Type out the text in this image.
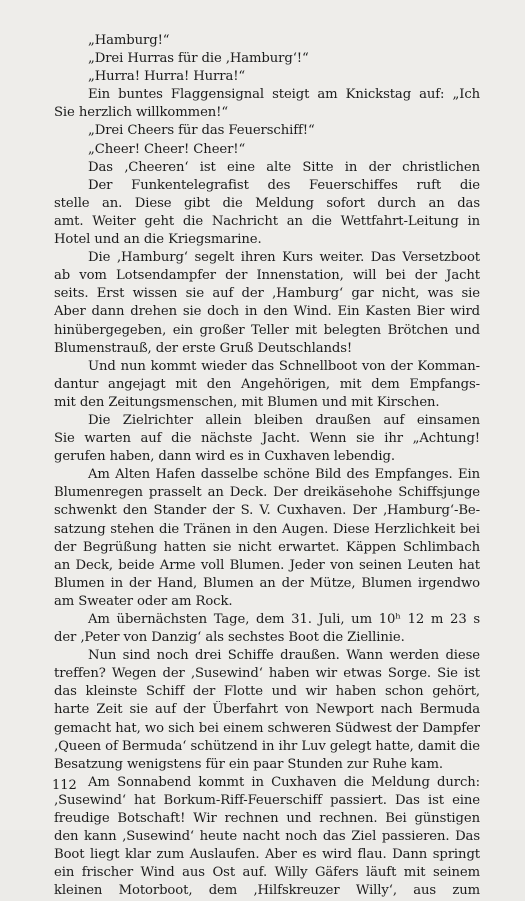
„Hamburg!“
„Drei Hurras für die ‚Hamburg‘!“
„Hurra! Hurra! Hurra!“
Ein buntes Flaggensignal steigt am Knickstag auf: „Ich
Sie herzlich willkommen!“
„Drei Cheers für das Feuerschiff!“
„Cheer! Cheer! Cheer!“
Das ‚Cheeren‘ ist eine alte Sitte in der christlichen
Der Funkentelegrafist des Feuerschiffes ruft die
stelle an. Diese gibt die Meldung sofort durch an das
amt. Weiter geht die Nachricht an die Wettfahrt-Leitung in
Hotel und an die Kriegsmarine.
Die ‚Hamburg‘ segelt ihren Kurs weiter. Das Versetzboot
ab vom Lotsendampfer der Innenstation, will bei der Jacht
seits. Erst wissen sie auf der ‚Hamburg‘ gar nicht, was sie
Aber dann drehen sie doch in den Wind. Ein Kasten Bier wird
hinübergegeben, ein großer Teller mit belegten Brötchen und
Blumenstrauß, der erste Gruß Deutschlands!
Und nun kommt wieder das Schnellboot von der Komman-
dantur angejagt mit den Angehörigen, mit dem Empfangs-
mit den Zeitungsmenschen, mit Blumen und mit Kirschen.
Die Zielrichter allein bleiben draußen auf einsamen
Sie warten auf die nächste Jacht. Wenn sie ihr „Achtung!
gerufen haben, dann wird es in Cuxhaven lebendig.
Am Alten Hafen dasselbe schöne Bild des Empfanges. Ein
Blumenregen prasselt an Deck. Der dreikäsehohe Schiffsjunge
schwenkt den Stander der S. V. Cuxhaven. Der ‚Hamburg‘-Be-
satzung stehen die Tränen in den Augen. Diese Herzlichkeit bei
der Begrüßung hatten sie nicht erwartet. Käppen Schlimbach
an Deck, beide Arme voll Blumen. Jeder von seinen Leuten hat
Blumen in der Hand, Blumen an der Mütze, Blumen irgendwo
am Sweater oder am Rock.
Am übernächsten Tage, dem 31. Juli, um 10ʰ 12 m 23 s
der ‚Peter von Danzig‘ als sechstes Boot die Ziellinie.
Nun sind noch drei Schiffe draußen. Wann werden diese
treffen? Wegen der ‚Susewind‘ haben wir etwas Sorge. Sie ist
das kleinste Schiff der Flotte und wir haben schon gehört,
harte Zeit sie auf der Überfahrt von Newport nach Bermuda
gemacht hat, wo sich bei einem schweren Südwest der Dampfer
‚Queen of Bermuda‘ schützend in ihr Luv gelegt hatte, damit die
Besatzung wenigstens für ein paar Stunden zur Ruhe kam.
Am Sonnabend kommt in Cuxhaven die Meldung durch:
‚Susewind‘ hat Borkum-Riff-Feuerschiff passiert. Das ist eine
freudige Botschaft! Wir rechnen und rechnen. Bei günstigen
den kann ‚Susewind‘ heute nacht noch das Ziel passieren. Das
Boot liegt klar zum Auslaufen. Aber es wird flau. Dann springt
ein frischer Wind aus Ost auf. Willy Gäfers läuft mit seinem
kleinen Motorboot, dem ‚Hilfskreuzer Willy‘, aus zum
112
